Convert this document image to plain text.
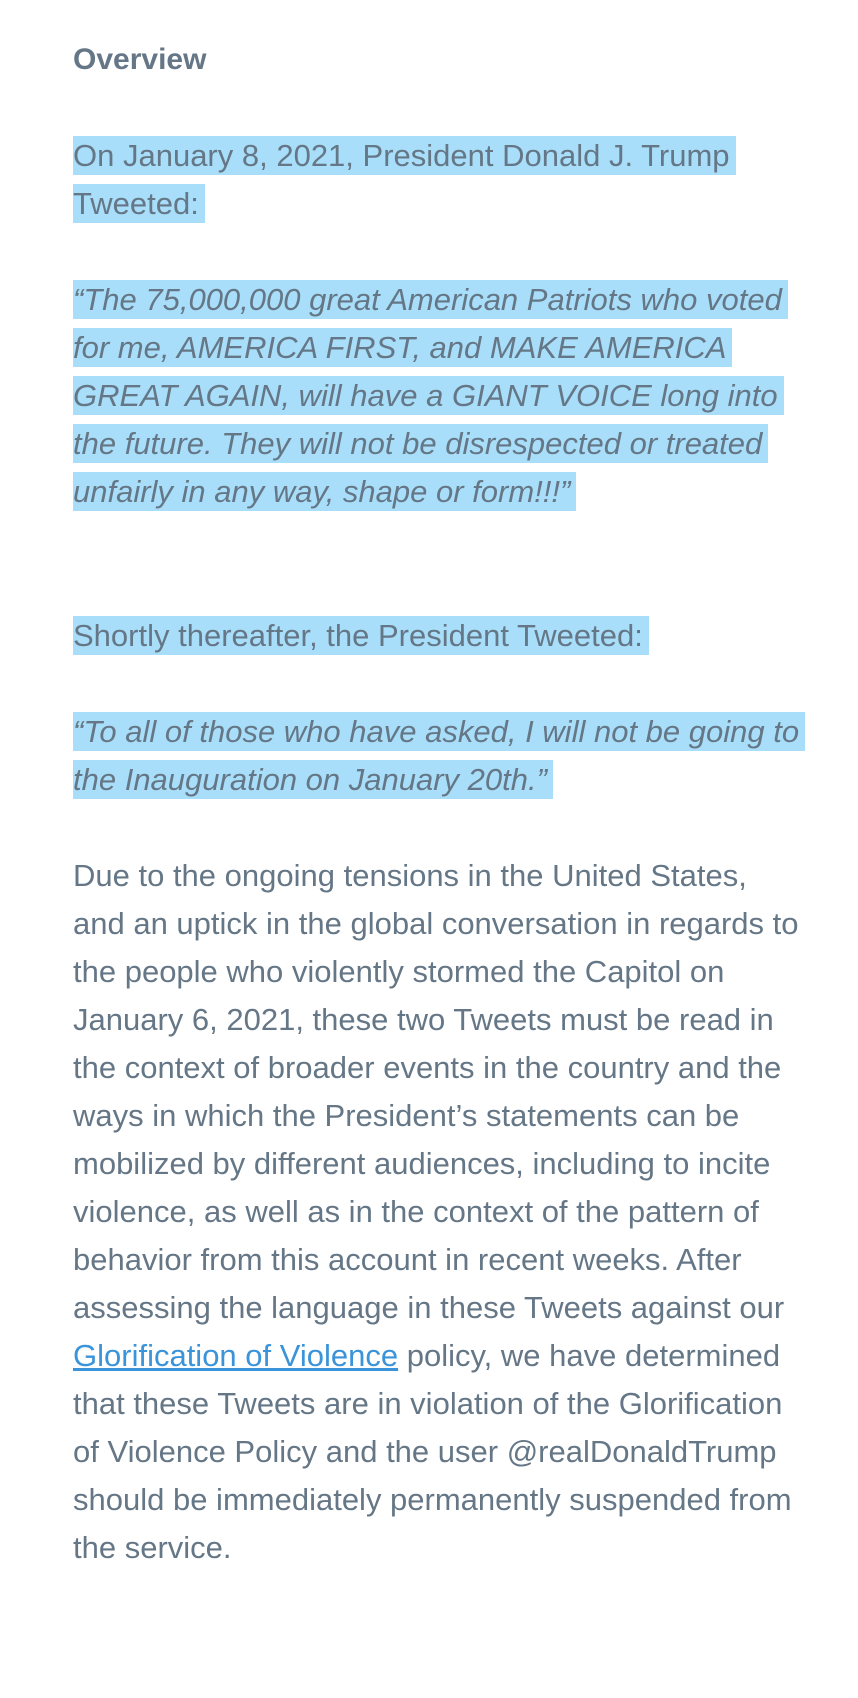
Overview

On January 8, 2021, President Donald J. Trump Tweeted:

“The 75,000,000 great American Patriots who voted for me, AMERICA FIRST, and MAKE AMERICA GREAT AGAIN, will have a GIANT VOICE long into the future. They will not be disrespected or treated unfairly in any way, shape or form!!!”

Shortly thereafter, the President Tweeted:

“To all of those who have asked, I will not be going to the Inauguration on January 20th.”

Due to the ongoing tensions in the United States, and an uptick in the global conversation in regards to the people who violently stormed the Capitol on January 6, 2021, these two Tweets must be read in the context of broader events in the country and the ways in which the President’s statements can be mobilized by different audiences, including to incite violence, as well as in the context of the pattern of behavior from this account in recent weeks. After assessing the language in these Tweets against our Glorification of Violence policy, we have determined that these Tweets are in violation of the Glorification of Violence Policy and the user @realDonaldTrump should be immediately permanently suspended from the service.
